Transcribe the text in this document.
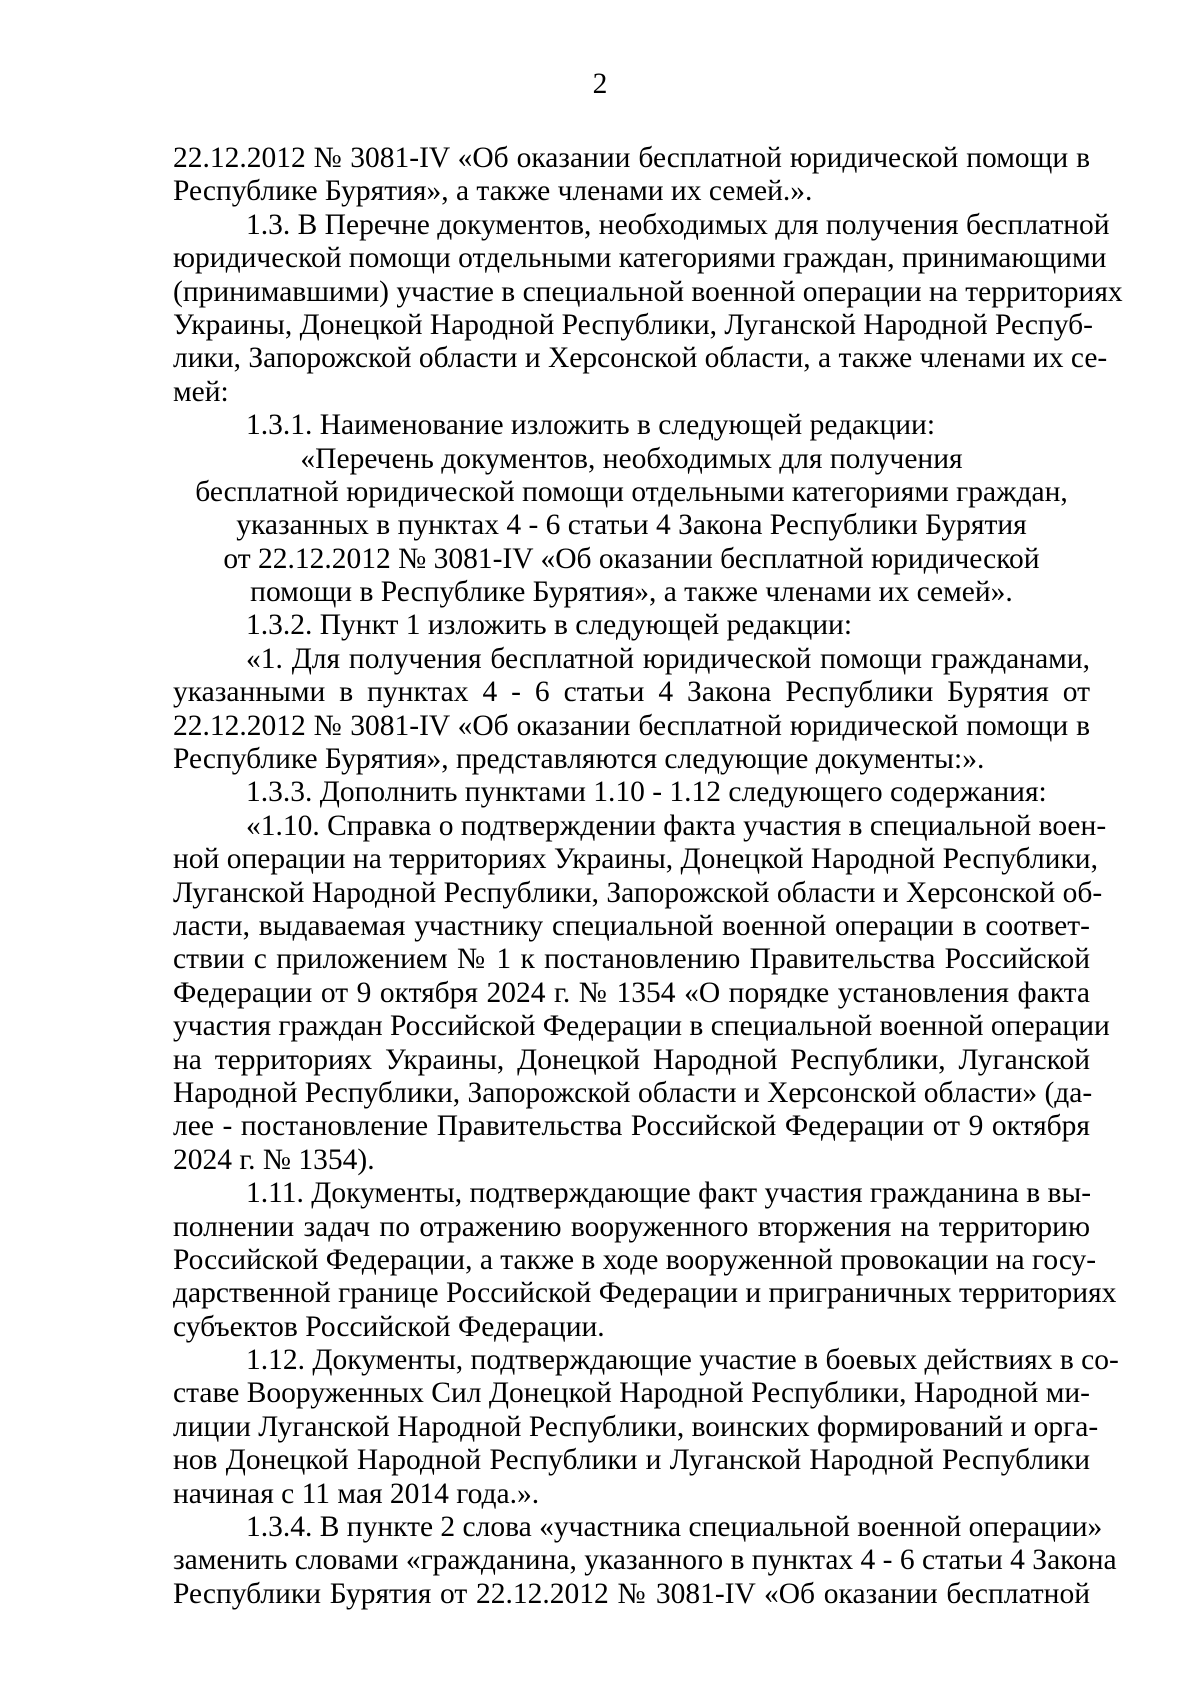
2
22.12.2012 № 3081-IV «Об оказании бесплатной юридической помощи в
Республике Бурятия», а также членами их семей.».
1.3. В Перечне документов, необходимых для получения бесплатной
юридической помощи отдельными категориями граждан, принимающими
(принимавшими) участие в специальной военной операции на территориях
Украины, Донецкой Народной Республики, Луганской Народной Респуб-
лики, Запорожской области и Херсонской области, а также членами их се-
мей:
1.3.1. Наименование изложить в следующей редакции:
«Перечень документов, необходимых для получения
бесплатной юридической помощи отдельными категориями граждан,
указанных в пунктах 4 - 6 статьи 4 Закона Республики Бурятия
от 22.12.2012 № 3081-IV «Об оказании бесплатной юридической
помощи в Республике Бурятия», а также членами их семей».
1.3.2. Пункт 1 изложить в следующей редакции:
«1. Для получения бесплатной юридической помощи гражданами,
указанными в пунктах 4 - 6 статьи 4 Закона Республики Бурятия от
22.12.2012 № 3081-IV «Об оказании бесплатной юридической помощи в
Республике Бурятия», представляются следующие документы:».
1.3.3. Дополнить пунктами 1.10 - 1.12 следующего содержания:
«1.10. Справка о подтверждении факта участия в специальной воен-
ной операции на территориях Украины, Донецкой Народной Республики,
Луганской Народной Республики, Запорожской области и Херсонской об-
ласти, выдаваемая участнику специальной военной операции в соответ-
ствии с приложением № 1 к постановлению Правительства Российской
Федерации от 9 октября 2024 г. № 1354 «О порядке установления факта
участия граждан Российской Федерации в специальной военной операции
на территориях Украины, Донецкой Народной Республики, Луганской
Народной Республики, Запорожской области и Херсонской области» (да-
лее - постановление Правительства Российской Федерации от 9 октября
2024 г. № 1354).
1.11. Документы, подтверждающие факт участия гражданина в вы-
полнении задач по отражению вооруженного вторжения на территорию
Российской Федерации, а также в ходе вооруженной провокации на госу-
дарственной границе Российской Федерации и приграничных территориях
субъектов Российской Федерации.
1.12. Документы, подтверждающие участие в боевых действиях в со-
ставе Вооруженных Сил Донецкой Народной Республики, Народной ми-
лиции Луганской Народной Республики, воинских формирований и орга-
нов Донецкой Народной Республики и Луганской Народной Республики
начиная с 11 мая 2014 года.».
1.3.4. В пункте 2 слова «участника специальной военной операции»
заменить словами «гражданина, указанного в пунктах 4 - 6 статьи 4 Закона
Республики Бурятия от 22.12.2012 № 3081-IV «Об оказании бесплатной
